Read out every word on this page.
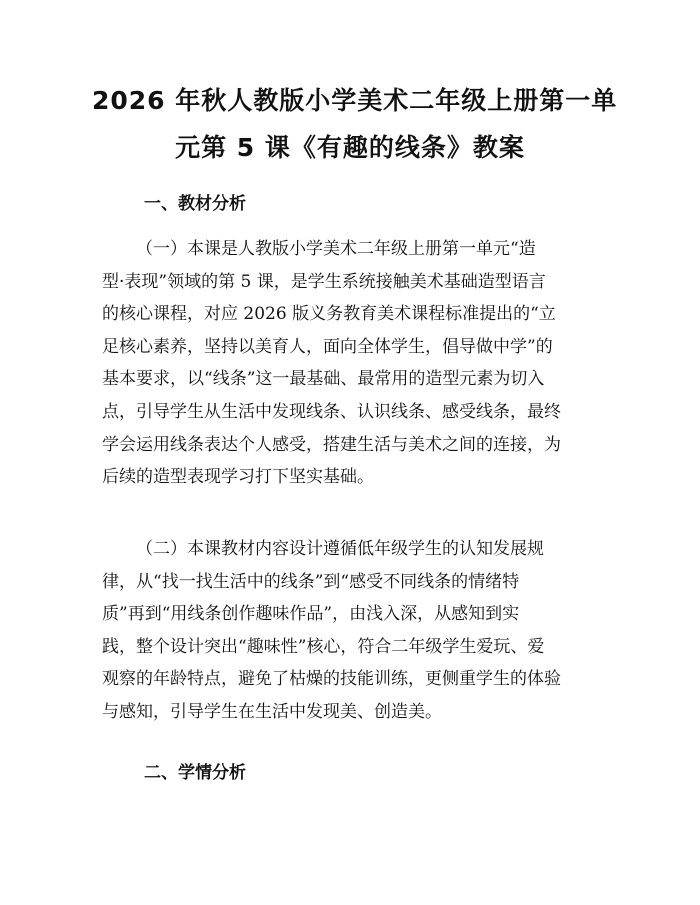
2026 年秋人教版小学美术二年级上册第一单
元第 5 课《有趣的线条》教案
一、教材分析
（一）本课是人教版小学美术二年级上册第一单元“造
型·表现”领域的第 5 课，是学生系统接触美术基础造型语言
的核心课程，对应 2026 版义务教育美术课程标准提出的“立
足核心素养，坚持以美育人，面向全体学生，倡导做中学”的
基本要求，以“线条”这一最基础、最常用的造型元素为切入
点，引导学生从生活中发现线条、认识线条、感受线条，最终
学会运用线条表达个人感受，搭建生活与美术之间的连接，为
后续的造型表现学习打下坚实基础。
（二）本课教材内容设计遵循低年级学生的认知发展规
律，从“找一找生活中的线条”到“感受不同线条的情绪特
质”再到“用线条创作趣味作品”，由浅入深，从感知到实
践，整个设计突出“趣味性”核心，符合二年级学生爱玩、爱
观察的年龄特点，避免了枯燥的技能训练，更侧重学生的体验
与感知，引导学生在生活中发现美、创造美。
二、学情分析
